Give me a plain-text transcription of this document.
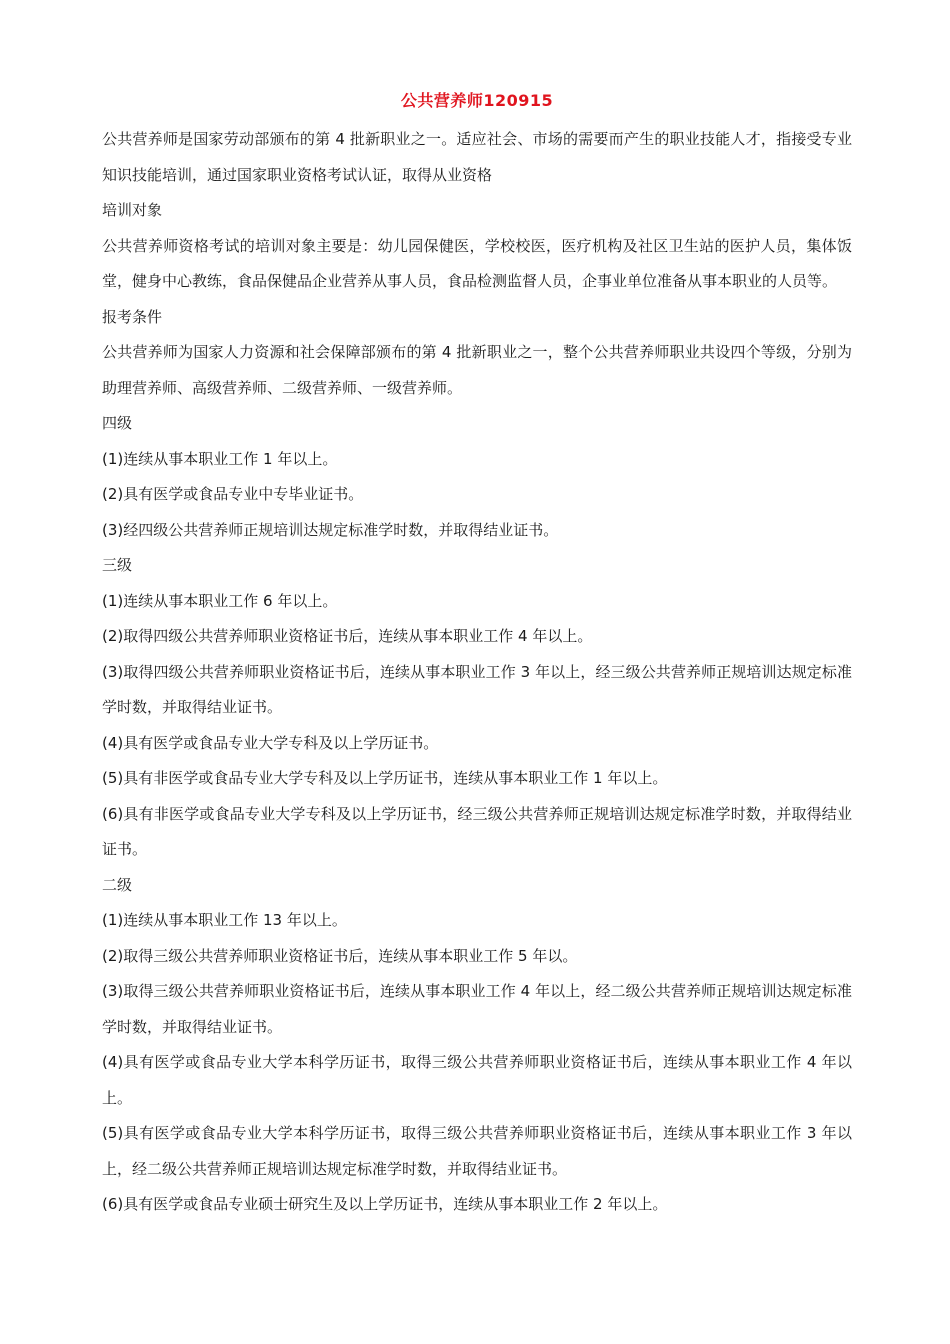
公共营养师120915

公共营养师是国家劳动部颁布的第 4 批新职业之一。适应社会、市场的需要而产生的职业技能人才，指接受专业知识技能培训，通过国家职业资格考试认证，取得从业资格

培训对象

公共营养师资格考试的培训对象主要是：幼儿园保健医，学校校医，医疗机构及社区卫生站的医护人员，集体饭堂，健身中心教练，食品保健品企业营养从事人员，食品检测监督人员，企事业单位准备从事本职业的人员等。

报考条件

公共营养师为国家人力资源和社会保障部颁布的第 4 批新职业之一，整个公共营养师职业共设四个等级，分别为助理营养师、高级营养师、二级营养师、一级营养师。

四级

(1)连续从事本职业工作 1 年以上。

(2)具有医学或食品专业中专毕业证书。

(3)经四级公共营养师正规培训达规定标准学时数，并取得结业证书。

三级

(1)连续从事本职业工作 6 年以上。

(2)取得四级公共营养师职业资格证书后，连续从事本职业工作 4 年以上。

(3)取得四级公共营养师职业资格证书后，连续从事本职业工作 3 年以上，经三级公共营养师正规培训达规定标准学时数，并取得结业证书。

(4)具有医学或食品专业大学专科及以上学历证书。

(5)具有非医学或食品专业大学专科及以上学历证书，连续从事本职业工作 1 年以上。

(6)具有非医学或食品专业大学专科及以上学历证书，经三级公共营养师正规培训达规定标准学时数，并取得结业证书。

二级

(1)连续从事本职业工作 13 年以上。

(2)取得三级公共营养师职业资格证书后，连续从事本职业工作 5 年以。

(3)取得三级公共营养师职业资格证书后，连续从事本职业工作 4 年以上，经二级公共营养师正规培训达规定标准学时数，并取得结业证书。

(4)具有医学或食品专业大学本科学历证书，取得三级公共营养师职业资格证书后，连续从事本职业工作 4 年以上。

(5)具有医学或食品专业大学本科学历证书，取得三级公共营养师职业资格证书后，连续从事本职业工作 3 年以上，经二级公共营养师正规培训达规定标准学时数，并取得结业证书。

(6)具有医学或食品专业硕士研究生及以上学历证书，连续从事本职业工作 2 年以上。
